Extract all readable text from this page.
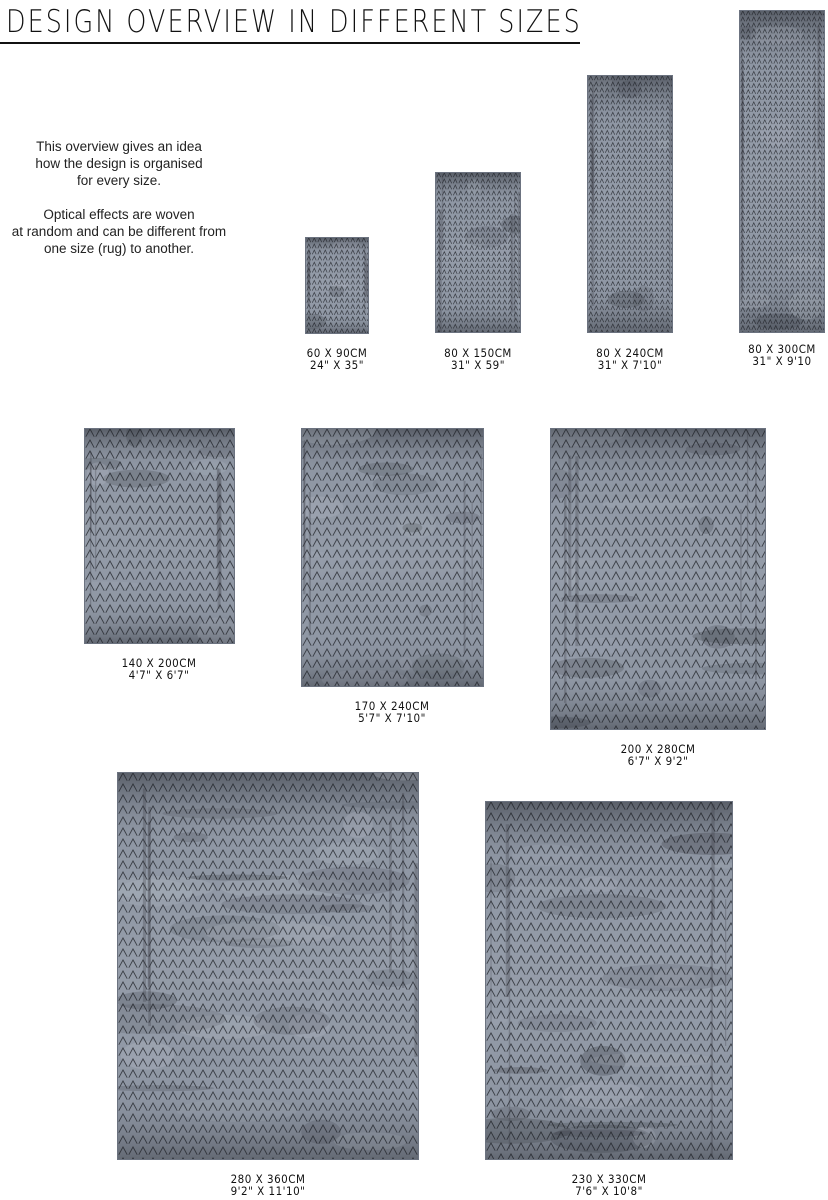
DESIGN OVERVIEW IN DIFFERENT SIZES

This overview gives an idea
how the design is organised
for every size.

Optical effects are woven
at random and can be different from
one size (rug) to another.

60 X 90CM
24" X 35"
80 X 150CM
31" X 59"
80 X 240CM
31" X 7'10"
80 X 300CM
31" X 9'10
140 X 200CM
4'7" X 6'7"
170 X 240CM
5'7" X 7'10"
200 X 280CM
6'7" X 9'2"
280 X 360CM
9'2" X 11'10"
230 X 330CM
7'6" X 10'8"
